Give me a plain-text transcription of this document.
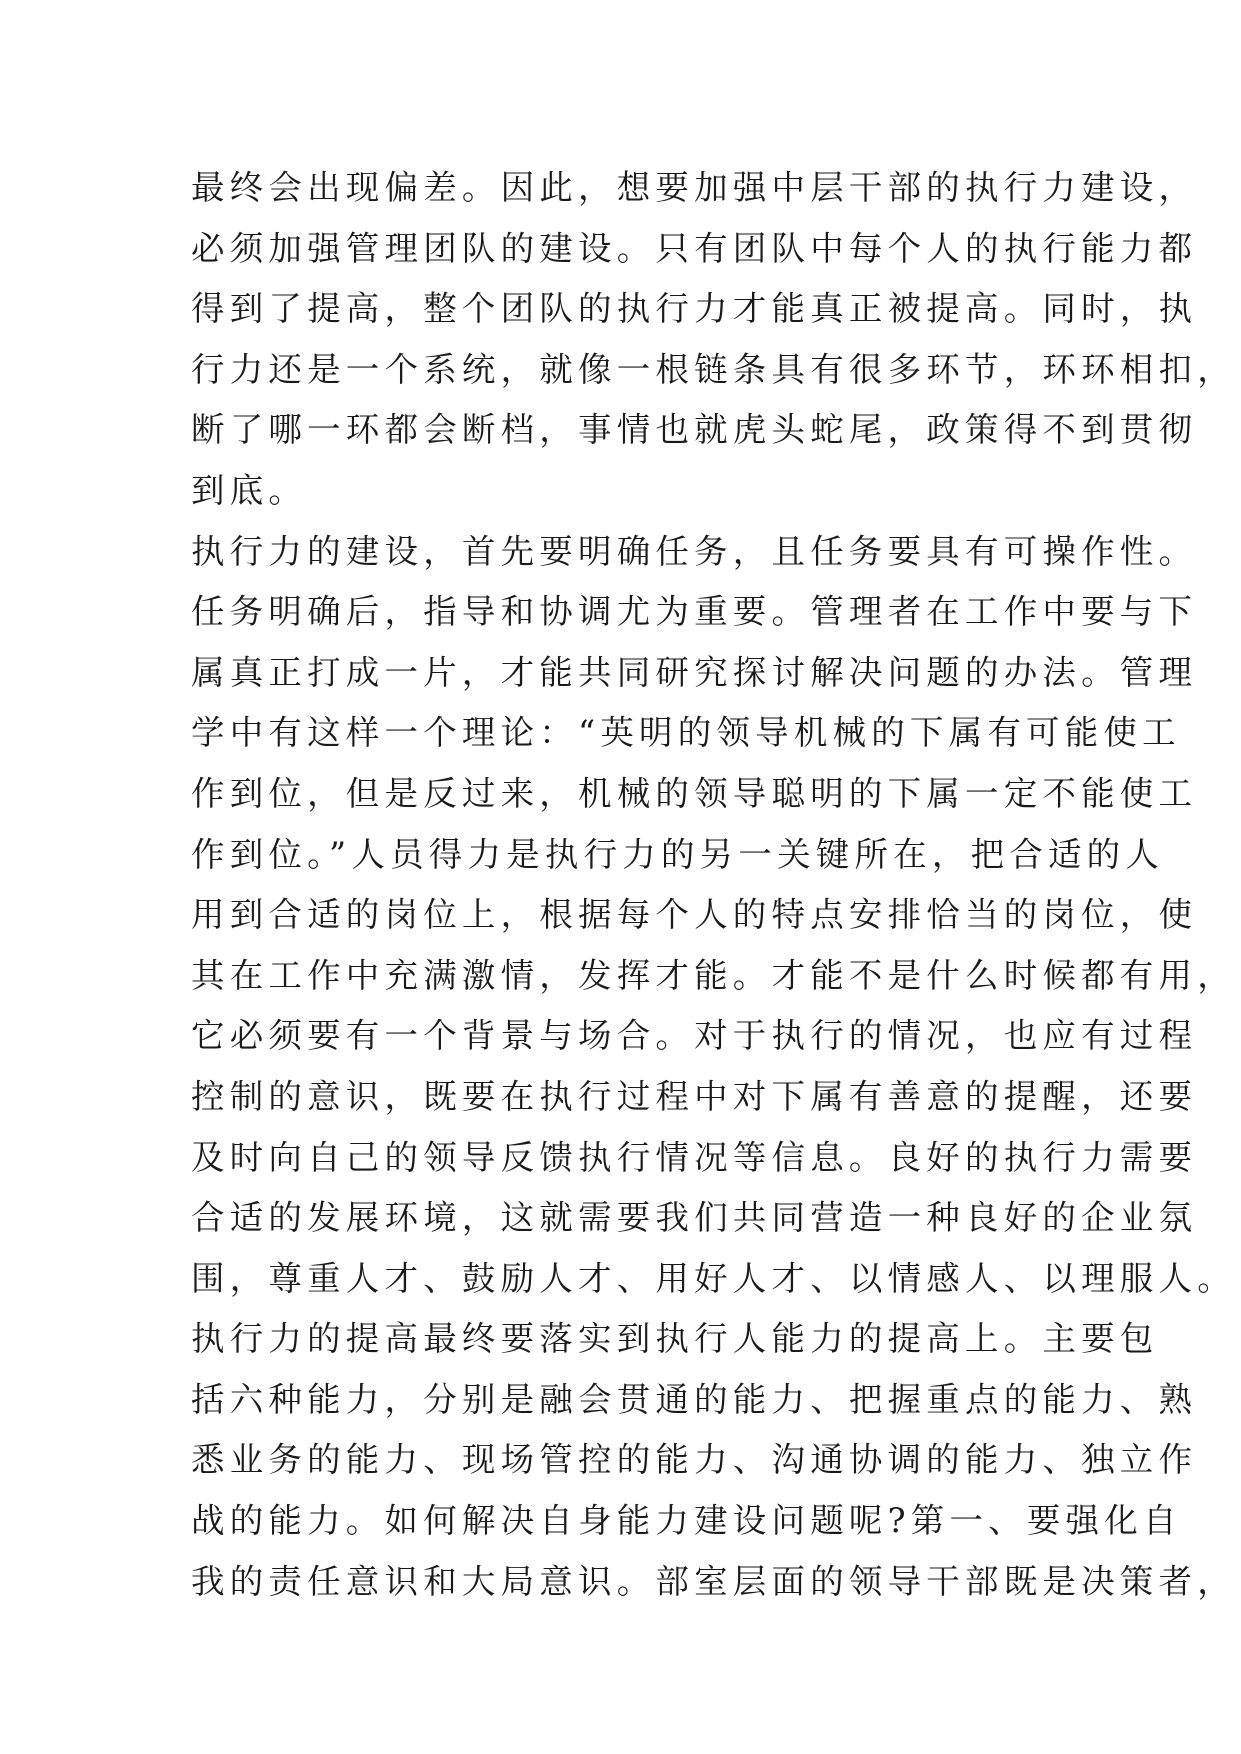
最终会出现偏差。因此，想要加强中层干部的执行力建设，
必须加强管理团队的建设。只有团队中每个人的执行能力都
得到了提高，整个团队的执行力才能真正被提高。同时，执
行力还是一个系统，就像一根链条具有很多环节，环环相扣，
断了哪一环都会断档，事情也就虎头蛇尾，政策得不到贯彻
到底。
执行力的建设，首先要明确任务，且任务要具有可操作性。
任务明确后，指导和协调尤为重要。管理者在工作中要与下
属真正打成一片，才能共同研究探讨解决问题的办法。管理
学中有这样一个理论：“英明的领导机械的下属有可能使工
作到位，但是反过来，机械的领导聪明的下属一定不能使工
作到位。”人员得力是执行力的另一关键所在，把合适的人
用到合适的岗位上，根据每个人的特点安排恰当的岗位，使
其在工作中充满激情，发挥才能。才能不是什么时候都有用，
它必须要有一个背景与场合。对于执行的情况，也应有过程
控制的意识，既要在执行过程中对下属有善意的提醒，还要
及时向自己的领导反馈执行情况等信息。良好的执行力需要
合适的发展环境，这就需要我们共同营造一种良好的企业氛
围，尊重人才、鼓励人才、用好人才、以情感人、以理服人。
执行力的提高最终要落实到执行人能力的提高上。主要包
括六种能力，分别是融会贯通的能力、把握重点的能力、熟
悉业务的能力、现场管控的能力、沟通协调的能力、独立作
战的能力。如何解决自身能力建设问题呢?第一、要强化自
我的责任意识和大局意识。部室层面的领导干部既是决策者，
